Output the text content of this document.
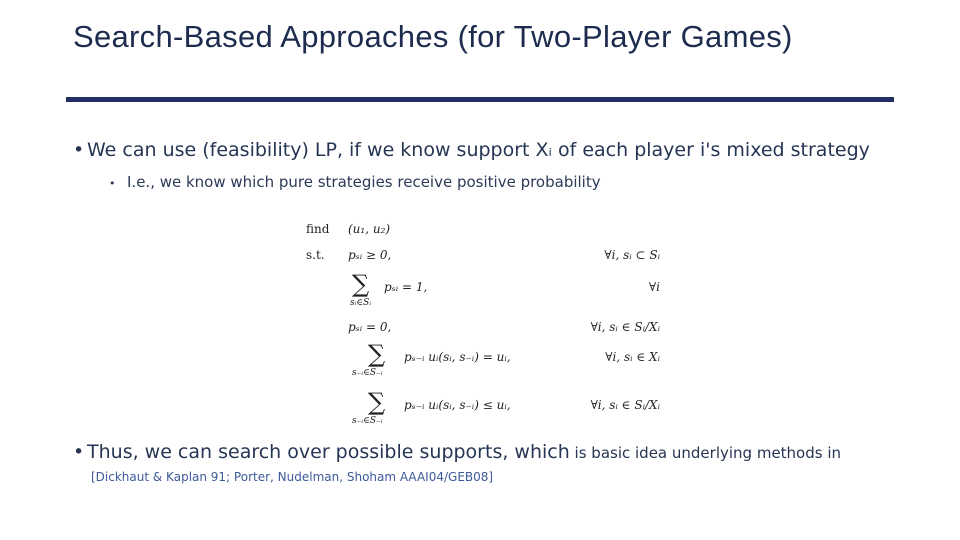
Search-Based Approaches (for Two-Player Games)
• We can use (feasibility) LP, if we know support Xᵢ of each player i's mixed strategy
• I.e., we know which pure strategies receive positive probability
find (u₁, u₂)
s.t. pₛᵢ ≥ 0,	∀i, sᵢ ⊂ Sᵢ
∑
sᵢ∈Sᵢ
pₛᵢ = 1,	∀i
pₛᵢ = 0,	∀i, sᵢ ∈ Sᵢ/Xᵢ
∑
s₋ᵢ∈S₋ᵢ
pₛ₋ᵢ uᵢ(sᵢ, s₋ᵢ) = uᵢ,	∀i, sᵢ ∈ Xᵢ
∑
s₋ᵢ∈S₋ᵢ
pₛ₋ᵢ uᵢ(sᵢ, s₋ᵢ) ≤ uᵢ,	∀i, sᵢ ∈ Sᵢ/Xᵢ
• Thus, we can search over possible supports, which is basic idea underlying methods in
[Dickhaut & Kaplan 91; Porter, Nudelman, Shoham AAAI04/GEB08]
